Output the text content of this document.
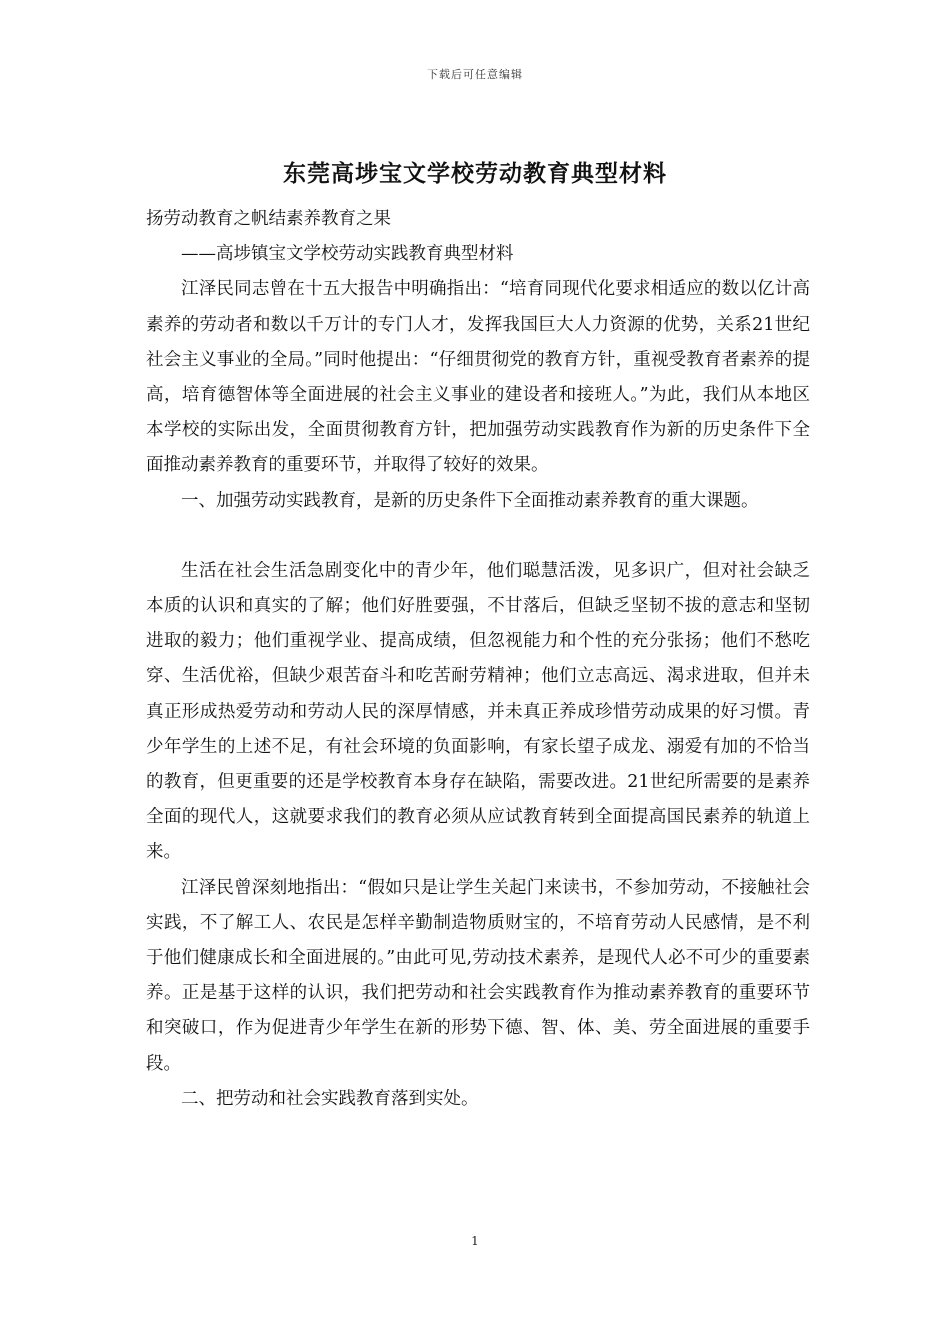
下载后可任意编辑
东莞高埗宝文学校劳动教育典型材料

扬劳动教育之帆结素养教育之果

——高埗镇宝文学校劳动实践教育典型材料

江泽民同志曾在十五大报告中明确指出：“培育同现代化要求相适应的数以亿计高素养的劳动者和数以千万计的专门人才，发挥我国巨大人力资源的优势，关系21世纪社会主义事业的全局。”同时他提出：“仔细贯彻党的教育方针，重视受教育者素养的提高，培育德智体等全面进展的社会主义事业的建设者和接班人。”为此，我们从本地区本学校的实际出发，全面贯彻教育方针，把加强劳动实践教育作为新的历史条件下全面推动素养教育的重要环节，并取得了较好的效果。

一、加强劳动实践教育，是新的历史条件下全面推动素养教育的重大课题。

生活在社会生活急剧变化中的青少年，他们聪慧活泼，见多识广，但对社会缺乏本质的认识和真实的了解；他们好胜要强，不甘落后，但缺乏坚韧不拔的意志和坚韧进取的毅力；他们重视学业、提高成绩，但忽视能力和个性的充分张扬；他们不愁吃穿、生活优裕，但缺少艰苦奋斗和吃苦耐劳精神；他们立志高远、渴求进取，但并未真正形成热爱劳动和劳动人民的深厚情感，并未真正养成珍惜劳动成果的好习惯。青少年学生的上述不足，有社会环境的负面影响，有家长望子成龙、溺爱有加的不恰当的教育，但更重要的还是学校教育本身存在缺陷，需要改进。21世纪所需要的是素养全面的现代人，这就要求我们的教育必须从应试教育转到全面提高国民素养的轨道上来。

江泽民曾深刻地指出：“假如只是让学生关起门来读书，不参加劳动，不接触社会实践，不了解工人、农民是怎样辛勤制造物质财宝的，不培育劳动人民感情，是不利于他们健康成长和全面进展的。”由此可见,劳动技术素养，是现代人必不可少的重要素养。正是基于这样的认识，我们把劳动和社会实践教育作为推动素养教育的重要环节和突破口，作为促进青少年学生在新的形势下德、智、体、美、劳全面进展的重要手段。

二、把劳动和社会实践教育落到实处。

1
